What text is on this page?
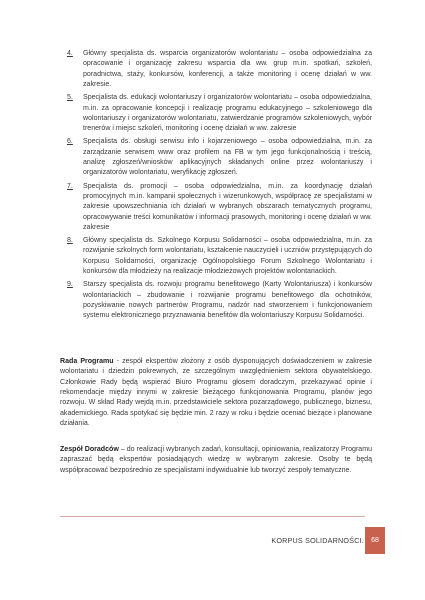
4.	Główny specjalista ds. wsparcia organizatorów wolontariatu – osoba odpowiedzialna za opracowanie i organizację zakresu wsparcia dla ww. grup m.in. spotkań, szkoleń, poradnictwa, staży, konkursów, konferencji, a także monitoring i ocenę działań w ww. zakresie.
5.	Specjalista ds. edukacji wolontariuszy i organizatorów wolontariatu – osoba odpowiedzialna, m.in. za opracowanie koncepcji i realizację programu edukacyjnego – szkoleniowego dla wolontariuszy i organizatorów wolontariatu, zatwierdzanie programów szkoleniowych, wybór trenerów i miejsc szkoleń, monitoring i ocenę działań w ww. zakresie
6.	Specjalista ds. obsługi serwisu info i kojarzeniowego – osoba odpowiedzialna, m.in. za zarządzanie serwisem www oraz profilem na FB w tym jego funkcjonalnością i treścią, analizę zgłoszeń/wniosków aplikacyjnych składanych online przez wolontariuszy i organizatorów wolontariatu, weryfikację zgłoszeń.
7.	Specjalista ds. promocji – osoba odpowiedzialna, m.in. za koordynację działań promocyjnych m.in. kampanii społecznych i wizerunkowych, współpracę ze specjalistami w zakresie upowszechniania ich działań w wybranych obszarach tematycznych programu, opracowywanie treści komunikatów i informacji prasowych, monitoring i ocenę działań w ww. zakresie
8.	Główny specjalista ds. Szkolnego Korpusu Solidarności – osoba odpowiedzialna, m.in. za rozwijanie szkolnych form wolontariatu, kształcenie nauczycieli i uczniów przystępujących do Korpusu Solidarności, organizację Ogólnopolskiego Forum Szkolnego Wolontariatu i konkursów dla młodzieży na realizacje młodzieżowych projektów wolontariackich.
9.	Starszy specjalista ds. rozwoju programu benefitowego (Karty Wolontariusza) i konkursów wolontariackich – zbudowanie i rozwijanie programu benefitowego dla ochotników, pozyskiwanie nowych partnerów Programu, nadzór nad stworzeniem i funkcjonowaniem systemu elektronicznego przyznawania benefitów dla wolontariuszy Korpusu Solidarności.

Rada Programu - zespół ekspertów złożony z osób dysponujących doświadczeniem w zakresie wolontariatu i dziedzin pokrewnych, ze szczególnym uwzględnieniem sektora obywatelskiego. Członkowie Rady będą wspierać Biuro Programu głosem doradczym, przekazywać opinie i rekomendacje między innymi w zakresie bieżącego funkcjonowania Programu, planów jego rozwoju. W skład Rady wejdą m.in. przedstawiciele sektora pozarządowego, publicznego, biznesu, akademickiego. Rada spotykać się będzie min. 2 razy w roku i będzie oceniać bieżące i planowane działania.

Zespół Doradców – do realizacji wybranych zadań, konsultacji, opiniowania, realizatorzy Programu zapraszać będą ekspertów posiadających wiedzę w wybranym zakresie. Osoby te będą współpracować bezpośrednio ze specjalistami indywidualnie lub tworzyć zespoły tematyczne.

KORPUS SOLIDARNOŚCI. 68
